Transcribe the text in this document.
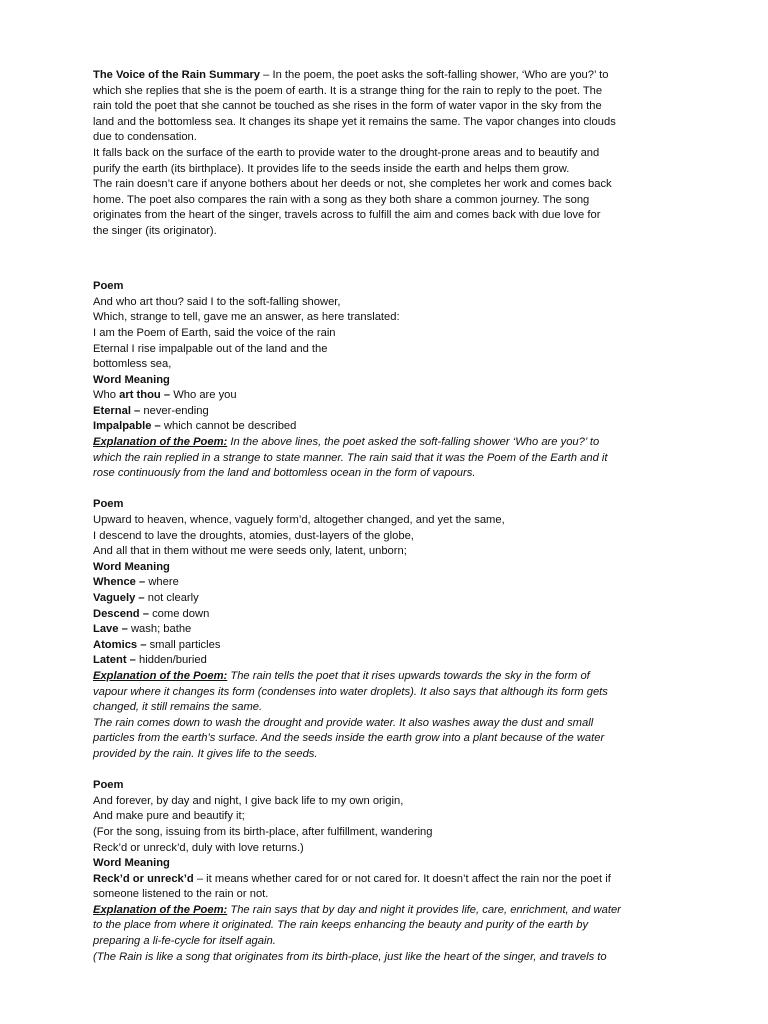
The Voice of the Rain Summary – In the poem, the poet asks the soft-falling shower, ‘Who are you?’ to
which she replies that she is the poem of earth. It is a strange thing for the rain to reply to the poet. The
rain told the poet that she cannot be touched as she rises in the form of water vapor in the sky from the
land and the bottomless sea. It changes its shape yet it remains the same. The vapor changes into clouds
due to condensation.
It falls back on the surface of the earth to provide water to the drought-prone areas and to beautify and
purify the earth (its birthplace). It provides life to the seeds inside the earth and helps them grow.
The rain doesn’t care if anyone bothers about her deeds or not, she completes her work and comes back
home. The poet also compares the rain with a song as they both share a common journey. The song
originates from the heart of the singer, travels across to fulfill the aim and comes back with due love for
the singer (its originator).
Poem
And who art thou? said I to the soft-falling shower,
Which, strange to tell, gave me an answer, as here translated:
I am the Poem of Earth, said the voice of the rain
Eternal I rise impalpable out of the land and the
bottomless sea,
Word Meaning
Who art thou – Who are you
Eternal – never-ending
Impalpable – which cannot be described
Explanation of the Poem: In the above lines, the poet asked the soft-falling shower ‘Who are you?’ to
which the rain replied in a strange to state manner. The rain said that it was the Poem of the Earth and it
rose continuously from the land and bottomless ocean in the form of vapours.
Poem
Upward to heaven, whence, vaguely form’d, altogether changed, and yet the same,
I descend to lave the droughts, atomies, dust-layers of the globe,
And all that in them without me were seeds only, latent, unborn;
Word Meaning
Whence – where
Vaguely – not clearly
Descend – come down
Lave – wash; bathe
Atomics – small particles
Latent – hidden/buried
Explanation of the Poem: The rain tells the poet that it rises upwards towards the sky in the form of
vapour where it changes its form (condenses into water droplets). It also says that although its form gets
changed, it still remains the same.
The rain comes down to wash the drought and provide water. It also washes away the dust and small
particles from the earth’s surface. And the seeds inside the earth grow into a plant because of the water
provided by the rain. It gives life to the seeds.
Poem
And forever, by day and night, I give back life to my own origin,
And make pure and beautify it;
(For the song, issuing from its birth-place, after fulfillment, wandering
Reck’d or unreck’d, duly with love returns.)
Word Meaning
Reck’d or unreck’d – it means whether cared for or not cared for. It doesn’t affect the rain nor the poet if
someone listened to the rain or not.
Explanation of the Poem: The rain says that by day and night it provides life, care, enrichment, and water
to the place from where it originated. The rain keeps enhancing the beauty and purity of the earth by
preparing a li-fe-cycle for itself again.
(The Rain is like a song that originates from its birth-place, just like the heart of the singer, and travels to
